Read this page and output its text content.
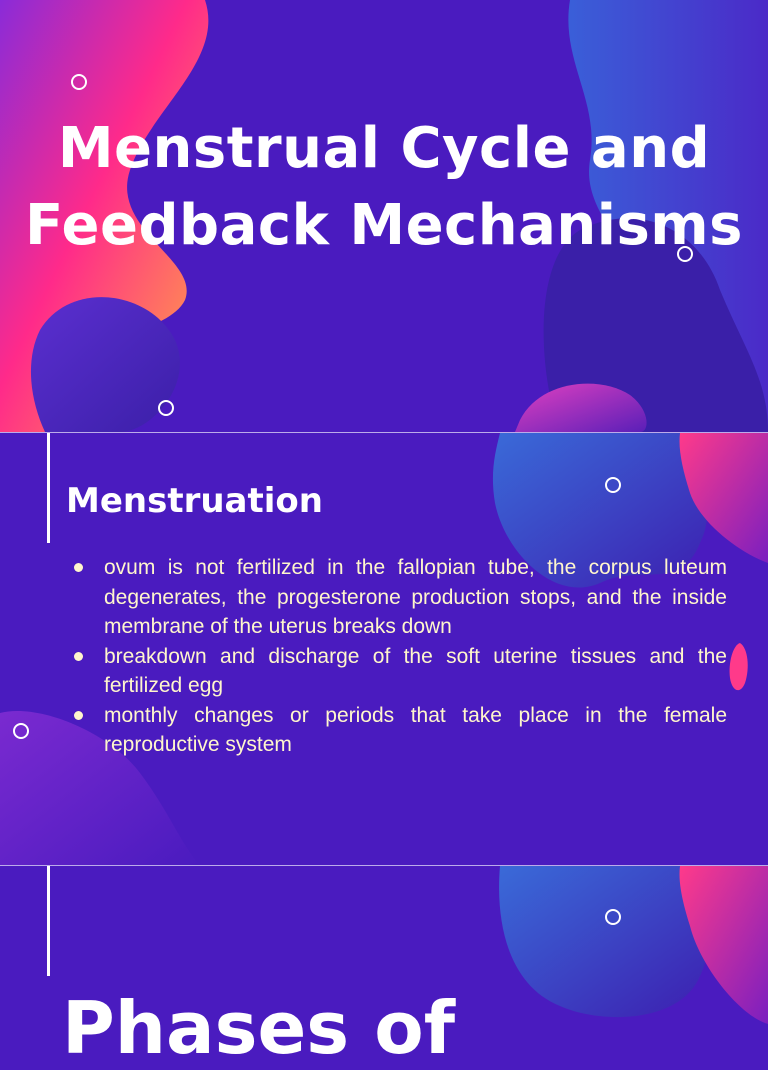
Menstrual Cycle and Feedback Mechanisms
Menstruation
ovum is not fertilized in the fallopian tube, the corpus luteum degenerates, the progesterone production stops, and the inside membrane of the uterus breaks down
breakdown and discharge of the soft uterine tissues and the fertilized egg
monthly changes or periods that take place in the female reproductive system
Phases of
